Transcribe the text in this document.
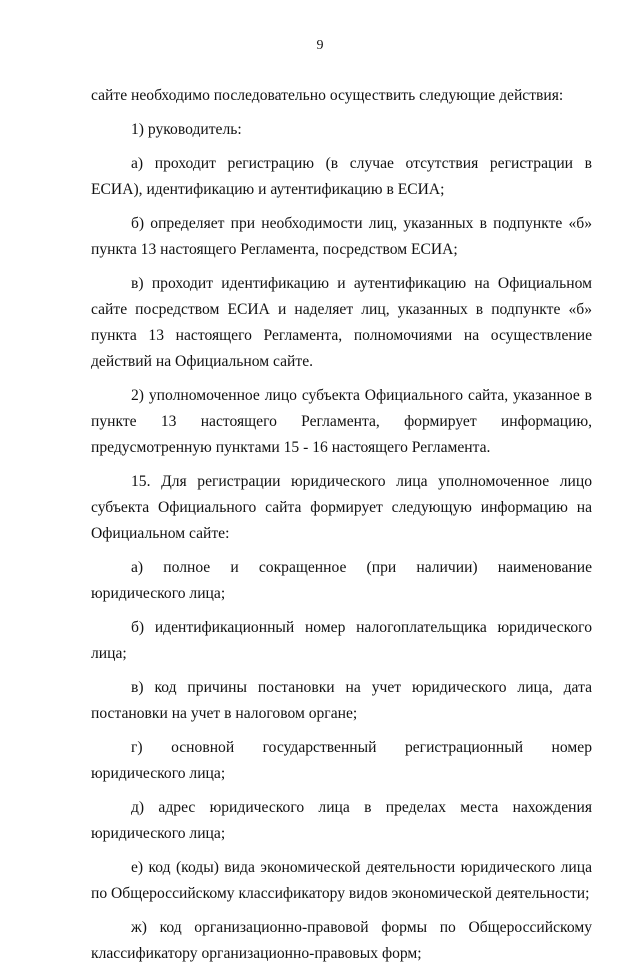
9

сайте необходимо последовательно осуществить следующие действия:

1) руководитель:

а) проходит регистрацию (в случае отсутствия регистрации в ЕСИА), идентификацию и аутентификацию в ЕСИА;

б) определяет при необходимости лиц, указанных в подпункте «б» пункта 13 настоящего Регламента, посредством ЕСИА;

в) проходит идентификацию и аутентификацию на Официальном сайте посредством ЕСИА и наделяет лиц, указанных в подпункте «б» пункта 13 настоящего Регламента, полномочиями на осуществление действий на Официальном сайте.

2) уполномоченное лицо субъекта Официального сайта, указанное в пункте 13 настоящего Регламента, формирует информацию, предусмотренную пунктами 15 - 16 настоящего Регламента.

15. Для регистрации юридического лица уполномоченное лицо субъекта Официального сайта формирует следующую информацию на Официальном сайте:

а) полное и сокращенное (при наличии) наименование юридического лица;

б) идентификационный номер налогоплательщика юридического лица;

в) код причины постановки на учет юридического лица, дата постановки на учет в налоговом органе;

г) основной государственный регистрационный номер юридического лица;

д) адрес юридического лица в пределах места нахождения юридического лица;

е) код (коды) вида экономической деятельности юридического лица по Общероссийскому классификатору видов экономической деятельности;

ж) код организационно-правовой формы по Общероссийскому классификатору организационно-правовых форм;
